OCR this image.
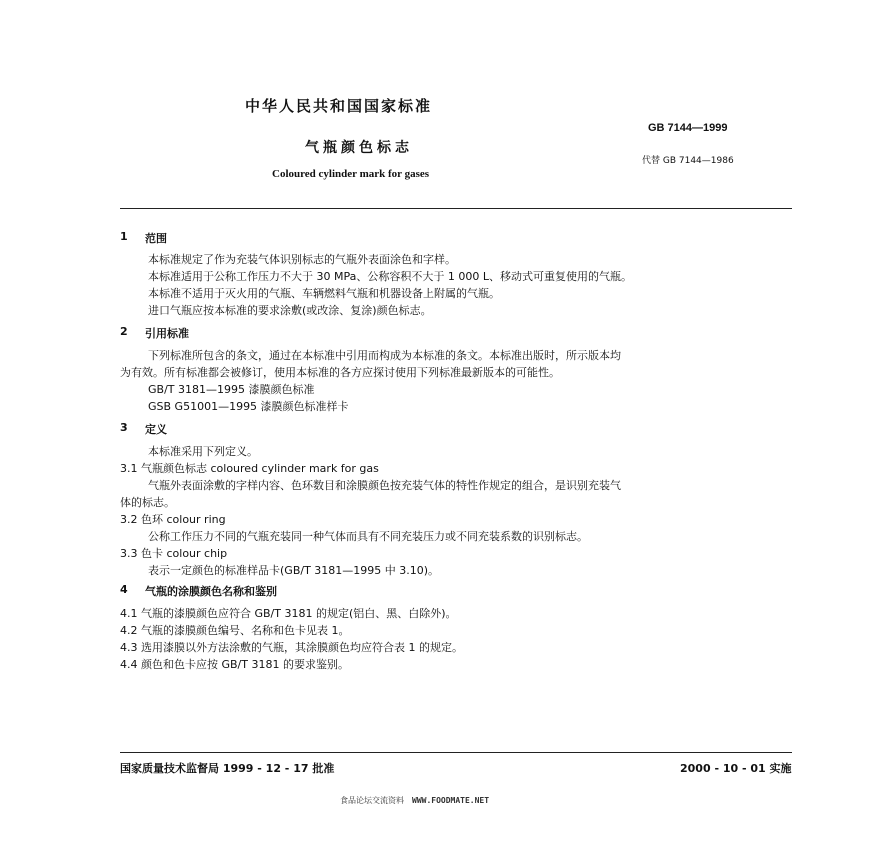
中华人民共和国国家标准
GB 7144—1999
气瓶颜色标志
代替 GB 7144—1986
Coloured cylinder mark for gases
1 范围
本标准规定了作为充装气体识别标志的气瓶外表面涂色和字样。
本标准适用于公称工作压力不大于 30 MPa、公称容积不大于 1 000 L、移动式可重复使用的气瓶。
本标准不适用于灭火用的气瓶、车辆燃料气瓶和机器设备上附属的气瓶。
进口气瓶应按本标准的要求涂敷(或改涂、复涂)颜色标志。
2 引用标准
下列标准所包含的条文，通过在本标准中引用而构成为本标准的条文。本标准出版时，所示版本均
为有效。所有标准都会被修订，使用本标准的各方应探讨使用下列标准最新版本的可能性。
GB/T 3181—1995 漆膜颜色标准
GSB G51001—1995 漆膜颜色标准样卡
3 定义
本标准采用下列定义。
3.1 气瓶颜色标志 coloured cylinder mark for gas
气瓶外表面涂敷的字样内容、色环数目和涂膜颜色按充装气体的特性作规定的组合，是识别充装气
体的标志。
3.2 色环 colour ring
公称工作压力不同的气瓶充装同一种气体而具有不同充装压力或不同充装系数的识别标志。
3.3 色卡 colour chip
表示一定颜色的标准样品卡(GB/T 3181—1995 中 3.10)。
4 气瓶的涂膜颜色名称和鉴别
4.1 气瓶的漆膜颜色应符合 GB/T 3181 的规定(铝白、黑、白除外)。
4.2 气瓶的漆膜颜色编号、名称和色卡见表 1。
4.3 选用漆膜以外方法涂敷的气瓶，其涂膜颜色均应符合表 1 的规定。
4.4 颜色和色卡应按 GB/T 3181 的要求鉴别。
国家质量技术监督局 1999 - 12 - 17 批准	2000 - 10 - 01 实施
食品论坛交流资料 WWW.FOODMATE.NET
